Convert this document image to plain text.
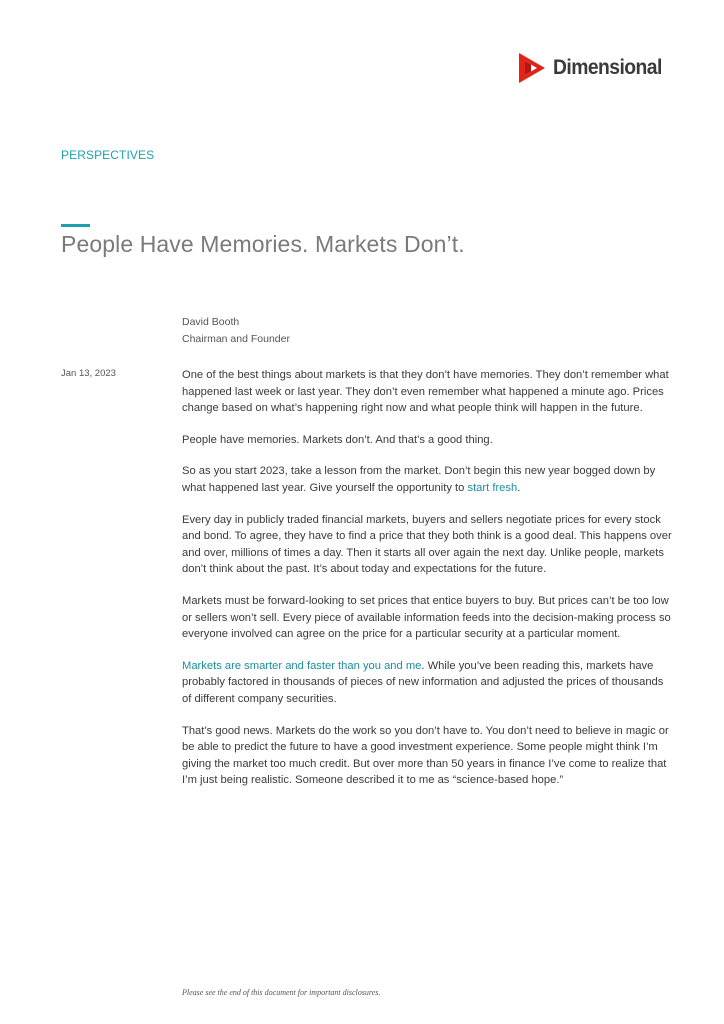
Dimensional
PERSPECTIVES
People Have Memories. Markets Don’t.
David Booth
Chairman and Founder
Jan 13, 2023	One of the best things about markets is that they don’t have memories. They don’t remember what happened last week or last year. They don’t even remember what happened a minute ago. Prices change based on what’s happening right now and what people think will happen in the future.

People have memories. Markets don’t. And that’s a good thing.

So as you start 2023, take a lesson from the market. Don’t begin this new year bogged down by what happened last year. Give yourself the opportunity to start fresh.

Every day in publicly traded financial markets, buyers and sellers negotiate prices for every stock and bond. To agree, they have to find a price that they both think is a good deal. This happens over and over, millions of times a day. Then it starts all over again the next day. Unlike people, markets don’t think about the past. It’s about today and expectations for the future.

Markets must be forward-looking to set prices that entice buyers to buy. But prices can’t be too low or sellers won’t sell. Every piece of available information feeds into the decision-making process so everyone involved can agree on the price for a particular security at a particular moment.

Markets are smarter and faster than you and me. While you’ve been reading this, markets have probably factored in thousands of pieces of new information and adjusted the prices of thousands of different company securities.

That’s good news. Markets do the work so you don’t have to. You don’t need to believe in magic or be able to predict the future to have a good investment experience. Some people might think I’m giving the market too much credit. But over more than 50 years in finance I’ve come to realize that I’m just being realistic. Someone described it to me as “science-based hope.”

Please see the end of this document for important disclosures.
